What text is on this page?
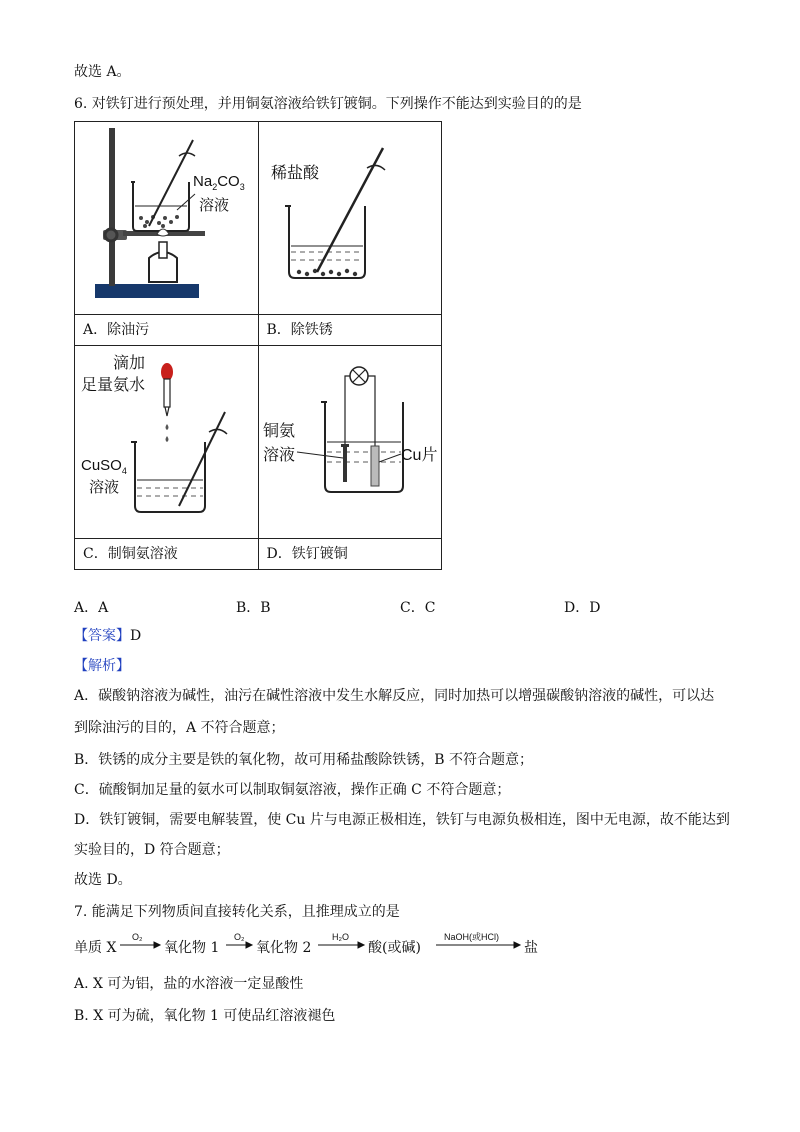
故选 A。
6. 对铁钉进行预处理，并用铜氨溶液给铁钉镀铜。下列操作不能达到实验目的的是
$Na_2CO_3$
溶液	稀盐酸

A．除油污	B．除铁锈

滴加
足量氨水
CuSO$_4$
溶液	铜氨
溶液 Cu片

C．制铜氨溶液	D．铁钉镀铜
A．A	B．B	C．C	D．D
【答案】D
【解析】
A．碳酸钠溶液为碱性，油污在碱性溶液中发生水解反应，同时加热可以增强碳酸钠溶液的碱性，可以达
到除油污的目的，A 不符合题意；
B．铁锈的成分主要是铁的氧化物，故可用稀盐酸除铁锈，B 不符合题意；
C．硫酸铜加足量的氨水可以制取铜氨溶液，操作正确 C 不符合题意；
D．铁钉镀铜，需要电解装置，使 Cu 片与电源正极相连，铁钉与电源负极相连，图中无电源，故不能达到
实验目的，D 符合题意；
故选 D。
7. 能满足下列物质间直接转化关系，且推理成立的是
单质 X	氧化物 1	氧化物 2	酸(或碱)	盐
O₂	O₂	H₂O	NaOH(或HCl)
A. X 可为铝，盐的水溶液一定显酸性
B. X 可为硫，氧化物 1 可使品红溶液褪色
